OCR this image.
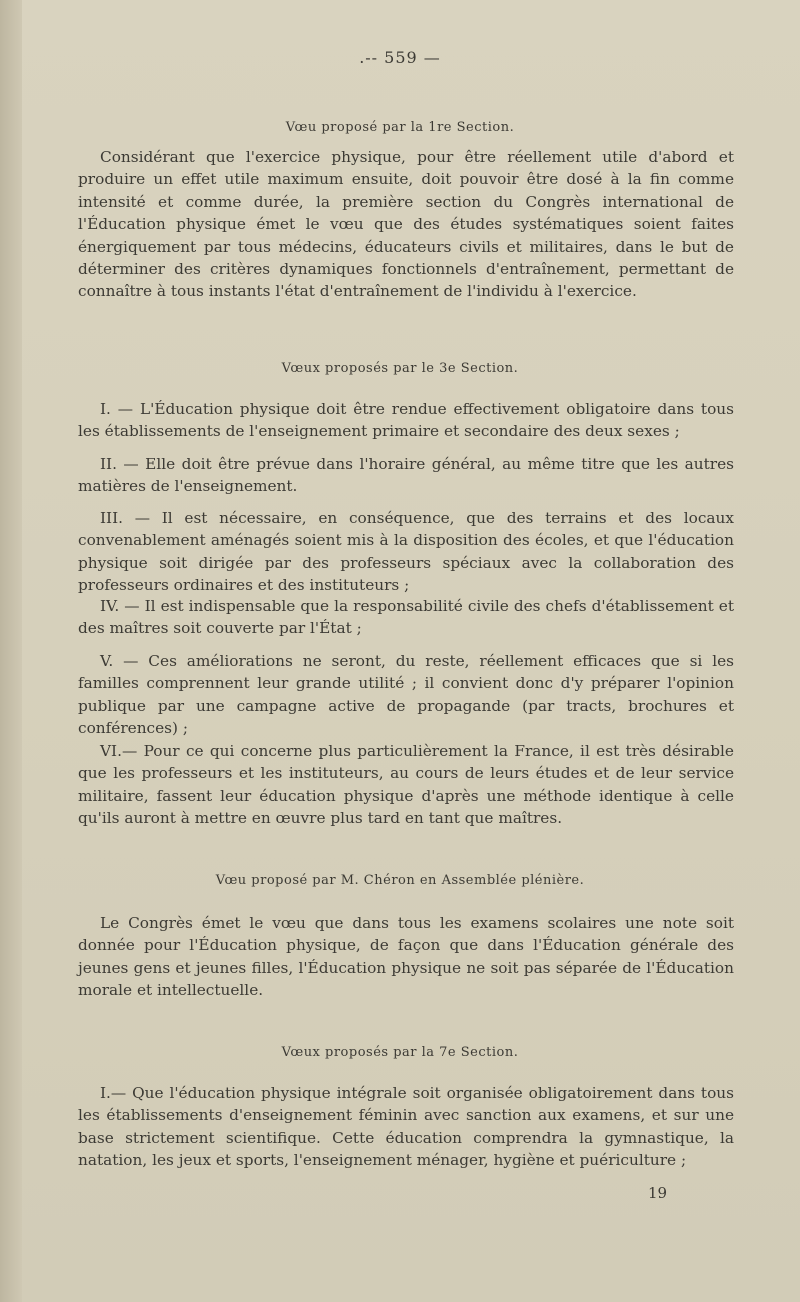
.-- 559 —
Vœu proposé par la 1re Section.

Considérant que l'exercice physique, pour être réellement utile d'abord et produire un effet utile maximum ensuite, doit pouvoir être dosé à la fin comme intensité et comme durée, la première section du Congrès international de l'Éducation physique émet le vœu que des études systématiques soient faites énergiquement par tous médecins, éducateurs civils et militaires, dans le but de déterminer des critères dynamiques fonctionnels d'entraînement, permettant de connaître à tous instants l'état d'entraînement de l'individu à l'exercice.

Vœux proposés par le 3e Section.

I. — L'Éducation physique doit être rendue effectivement obligatoire dans tous les établissements de l'enseignement primaire et secondaire des deux sexes ;

II. — Elle doit être prévue dans l'horaire général, au même titre que les autres matières de l'enseignement.

III. — Il est nécessaire, en conséquence, que des terrains et des locaux convenablement aménagés soient mis à la disposition des écoles, et que l'éducation physique soit dirigée par des professeurs spéciaux avec la collaboration des professeurs ordinaires et des instituteurs ;

IV. — Il est indispensable que la responsabilité civile des chefs d'établissement et des maîtres soit couverte par l'État ;

V. — Ces améliorations ne seront, du reste, réellement efficaces que si les familles comprennent leur grande utilité ; il convient donc d'y préparer l'opinion publique par une campagne active de propagande (par tracts, brochures et conférences) ;

VI.— Pour ce qui concerne plus particulièrement la France, il est très désirable que les professeurs et les instituteurs, au cours de leurs études et de leur service militaire, fassent leur éducation physique d'après une méthode identique à celle qu'ils auront à mettre en œuvre plus tard en tant que maîtres.

Vœu proposé par M. Chéron en Assemblée plénière.

Le Congrès émet le vœu que dans tous les examens scolaires une note soit donnée pour l'Éducation physique, de façon que dans l'Éducation générale des jeunes gens et jeunes filles, l'Éducation physique ne soit pas séparée de l'Éducation morale et intellectuelle.

Vœux proposés par la 7e Section.

I.— Que l'éducation physique intégrale soit organisée obligatoirement dans tous les établissements d'enseignement féminin avec sanction aux examens, et sur une base strictement scientifique. Cette éducation comprendra la gymnastique, la natation, les jeux et sports, l'enseignement ménager, hygiène et puériculture ;

19
